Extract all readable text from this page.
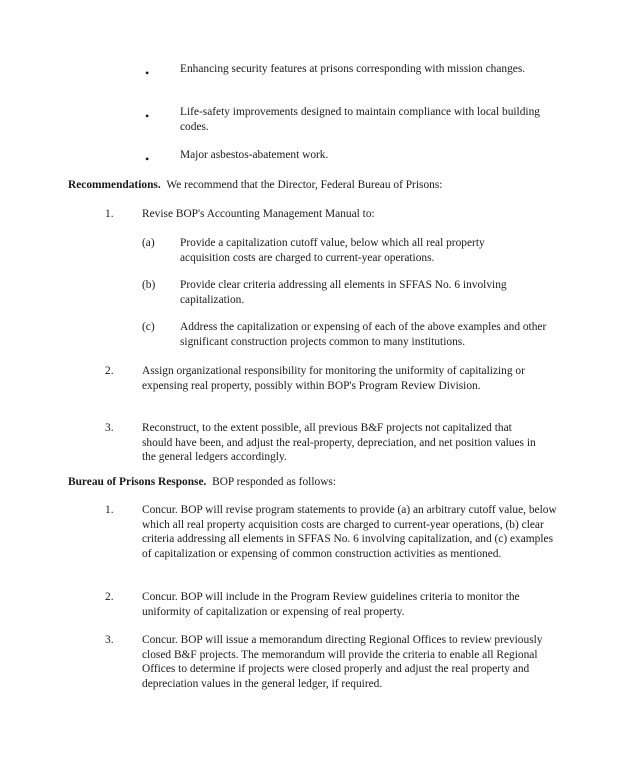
•	Enhancing security features at prisons corresponding with mission changes.

•	Life-safety improvements designed to maintain compliance with local building codes.

•	Major asbestos-abatement work.

Recommendations. We recommend that the Director, Federal Bureau of Prisons:

1. Revise BOP's Accounting Management Manual to:

(a) Provide a capitalization cutoff value, below which all real property acquisition costs are charged to current-year operations.

(b) Provide clear criteria addressing all elements in SFFAS No. 6 involving capitalization.

(c) Address the capitalization or expensing of each of the above examples and other significant construction projects common to many institutions.

2. Assign organizational responsibility for monitoring the uniformity of capitalizing or expensing real property, possibly within BOP's Program Review Division.

3. Reconstruct, to the extent possible, all previous B&F projects not capitalized that should have been, and adjust the real-property, depreciation, and net position values in the general ledgers accordingly.

Bureau of Prisons Response. BOP responded as follows:

1. Concur. BOP will revise program statements to provide (a) an arbitrary cutoff value, below which all real property acquisition costs are charged to current-year operations, (b) clear criteria addressing all elements in SFFAS No. 6 involving capitalization, and (c) examples of capitalization or expensing of common construction activities as mentioned.

2. Concur. BOP will include in the Program Review guidelines criteria to monitor the uniformity of capitalization or expensing of real property.

3. Concur. BOP will issue a memorandum directing Regional Offices to review previously closed B&F projects. The memorandum will provide the criteria to enable all Regional Offices to determine if projects were closed properly and adjust the real property and depreciation values in the general ledger, if required.
